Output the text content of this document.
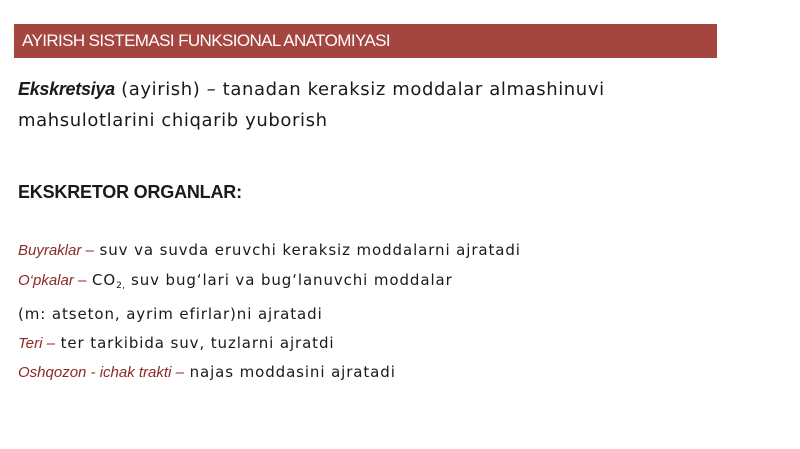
AYIRISH SISTEMASI FUNKSIONAL ANATOMIYASI
Ekskretsiya (ayirish) – tanadan keraksiz moddalar almashinuvi
mahsulotlarini chiqarib yuborish
EKSKRETOR ORGANLAR:
Buyraklar – suv va suvda eruvchi keraksiz moddalarni ajratadi
O‘pkalar – $CO_{2,}$ suv bug‘lari va bug‘lanuvchi moddalar
(m: atseton, ayrim efirlar)ni ajratadi
Teri – ter tarkibida suv, tuzlarni ajratdi
Oshqozon - ichak trakti – najas moddasini ajratadi
